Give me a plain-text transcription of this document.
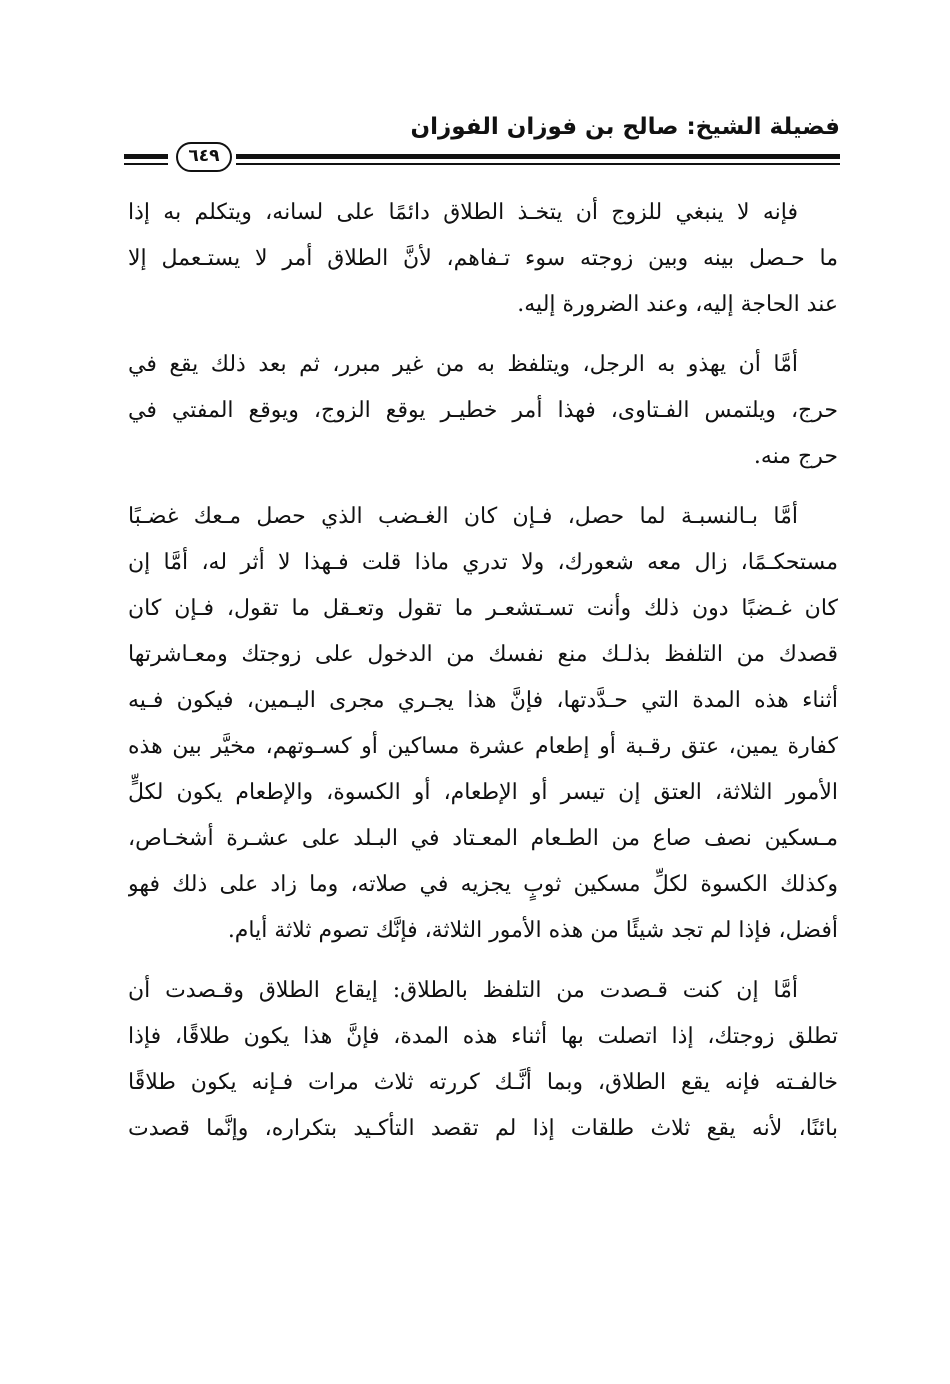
فضيلة الشيخ: صالح بن فوزان الفوزان
٦٤٩
فإنه لا ينبغي للزوج أن يتخـذ الطلاق دائمًا على لسانه، ويتكلم به إذا
ما حـصل بينه وبين زوجته سوء تـفاهم، لأنَّ الطلاق أمر لا يستـعمل إلا
عند الحاجة إليه، وعند الضرورة إليه.
أمَّا أن يهذو به الرجل، ويتلفظ به من غير مبرر، ثم بعد ذلك يقع في
حرج، ويلتمس الفـتاوى، فهذا أمر خطيـر يوقع الزوج، ويوقع المفتي في
حرج منه.
أمَّا بـالنسبـة لما حصل، فـإن كان الغـضب الذي حصل مـعك غضـبًا
مستحكـمًا، زال معه شعورك، ولا تدري ماذا قلت فـهذا لا أثر له، أمَّا إن
كان غـضبًا دون ذلك وأنت تسـتشعـر ما تقول وتعـقل ما تقول، فـإن كان
قصدك من التلفظ بذلـك منع نفسك من الدخول على زوجتك ومعـاشرتها
أثناء هذه المدة التي حـدَّدتها، فإنَّ هذا يجـري مجرى اليـمين، فيكون فـيه
كفارة يمين، عتق رقـبة أو إطعام عشرة مساكين أو كسـوتهم، مخيَّر بين هذه
الأمور الثلاثة، العتق إن تيسر أو الإطعام، أو الكسوة، والإطعام يكون لكلٍّ
مـسكين نصف صاع من الطـعام المعـتاد في البـلد على عشـرة أشخـاص،
وكذلك الكسوة لكلِّ مسكين ثوبٍ يجزيه في صلاته، وما زاد على ذلك فهو
أفضل، فإذا لم تجد شيئًا من هذه الأمور الثلاثة، فإنَّك تصوم ثلاثة أيام.
أمَّا إن كنت قـصدت من التلفظ بالطلاق: إيقاع الطلاق وقـصدت أن
تطلق زوجتك، إذا اتصلت بها أثناء هذه المدة، فإنَّ هذا يكون طلاقًا، فإذا
خالفـته فإنه يقع الطلاق، وبما أنَّـك كررته ثلاث مرات فـإنه يكون طلاقًا
بائنًا، لأنه يقع ثلاث طلقات إذا لم تقصد التأكـيد بتكراره، وإنَّما قصدت
